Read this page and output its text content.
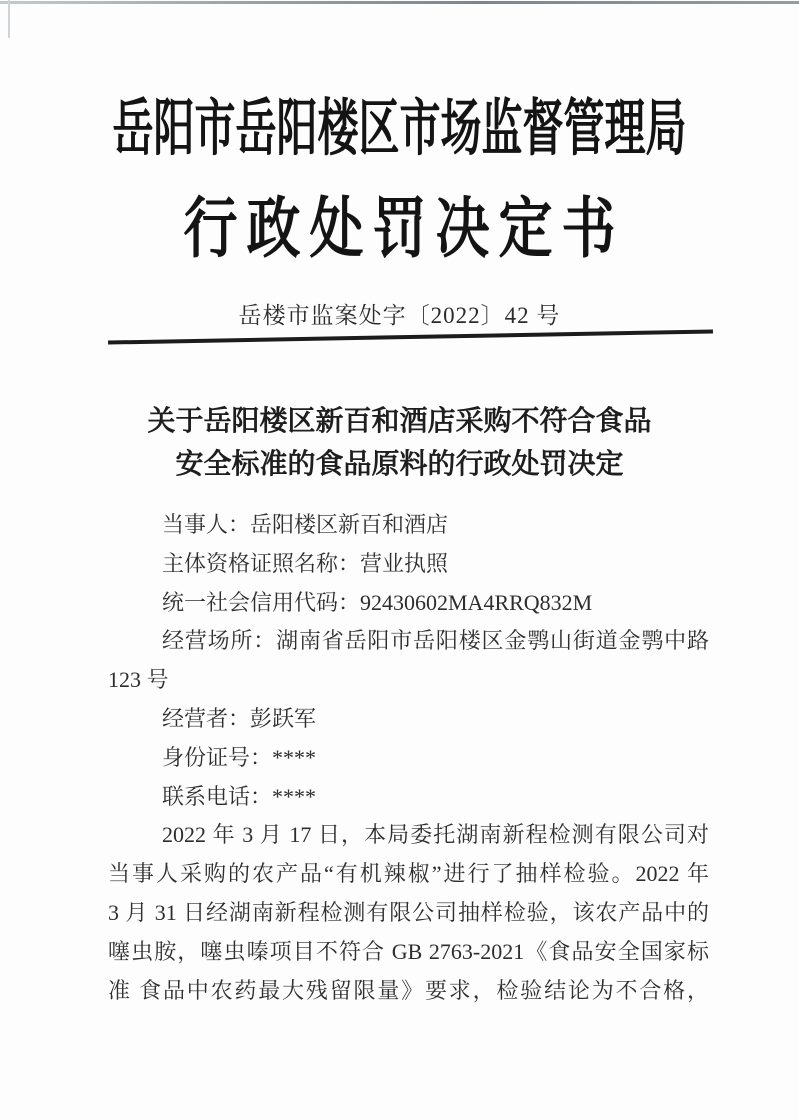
岳阳市岳阳楼区市场监督管理局
行政处罚决定书
岳楼市监案处字〔2022〕42 号
关于岳阳楼区新百和酒店采购不符合食品
安全标准的食品原料的行政处罚决定
当事人：岳阳楼区新百和酒店
主体资格证照名称：营业执照
统一社会信用代码：92430602MA4RRQ832M
经营场所：湖南省岳阳市岳阳楼区金鹗山街道金鹗中路
123 号
经营者：彭跃军
身份证号：****
联系电话：****
2022 年 3 月 17 日，本局委托湖南新程检测有限公司对
当事人采购的农产品“有机辣椒”进行了抽样检验。2022 年
3 月 31 日经湖南新程检测有限公司抽样检验，该农产品中的
噻虫胺，噻虫嗪项目不符合 GB 2763-2021《食品安全国家标
准 食品中农药最大残留限量》要求，检验结论为不合格，
